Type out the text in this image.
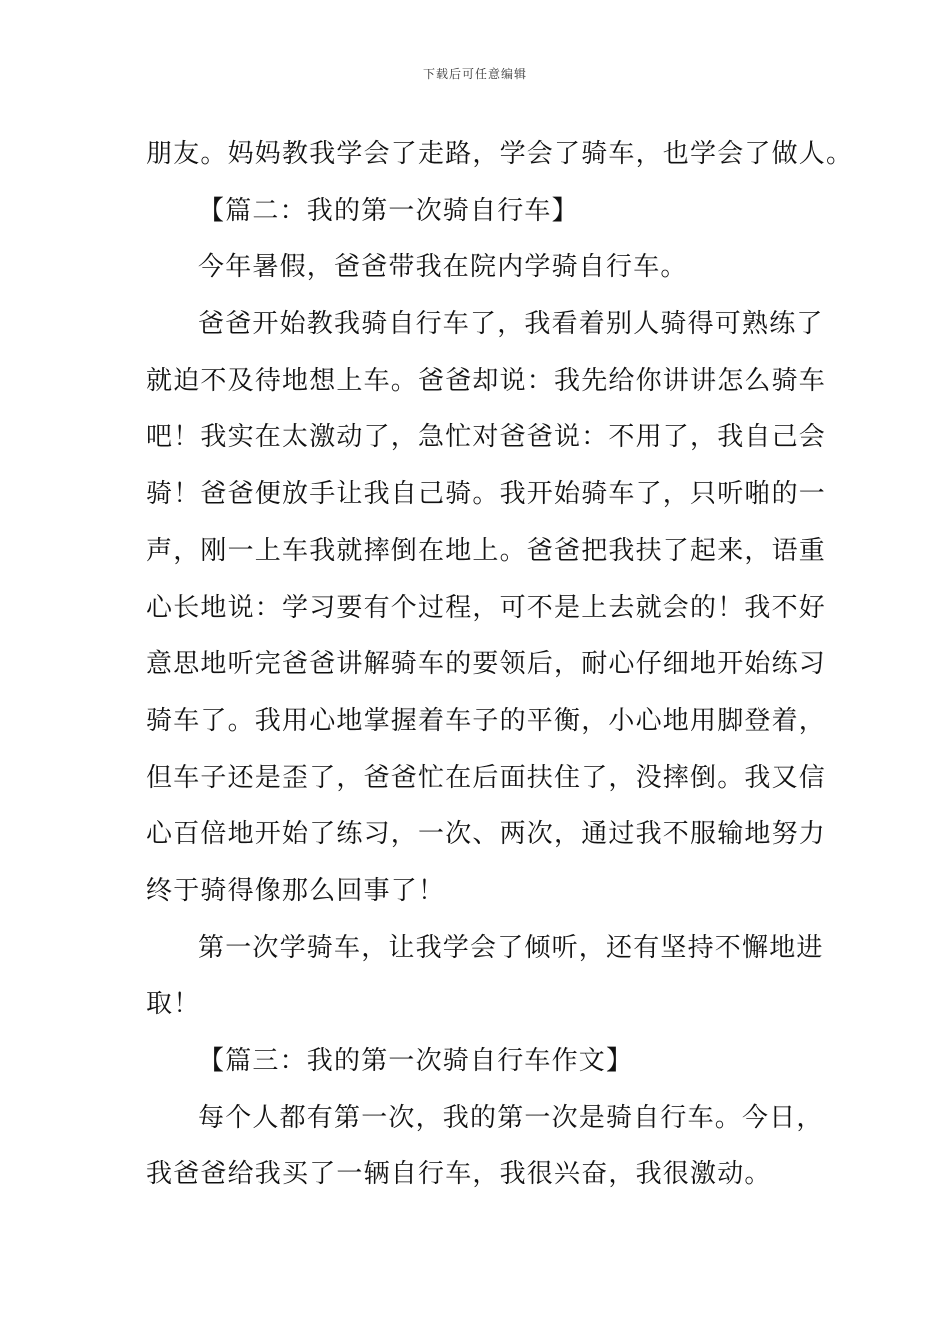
下载后可任意编辑
朋友。妈妈教我学会了走路，学会了骑车，也学会了做人。
【篇二：我的第一次骑自行车】
今年暑假，爸爸带我在院内学骑自行车。
爸爸开始教我骑自行车了，我看着别人骑得可熟练了
就迫不及待地想上车。爸爸却说：我先给你讲讲怎么骑车
吧！我实在太激动了，急忙对爸爸说：不用了，我自己会
骑！爸爸便放手让我自己骑。我开始骑车了，只听啪的一
声，刚一上车我就摔倒在地上。爸爸把我扶了起来，语重
心长地说：学习要有个过程，可不是上去就会的！我不好
意思地听完爸爸讲解骑车的要领后，耐心仔细地开始练习
骑车了。我用心地掌握着车子的平衡，小心地用脚登着，
但车子还是歪了，爸爸忙在后面扶住了，没摔倒。我又信
心百倍地开始了练习，一次、两次，通过我不服输地努力
终于骑得像那么回事了！
第一次学骑车，让我学会了倾听，还有坚持不懈地进
取！
【篇三：我的第一次骑自行车作文】
每个人都有第一次，我的第一次是骑自行车。今日，
我爸爸给我买了一辆自行车，我很兴奋，我很激动。
